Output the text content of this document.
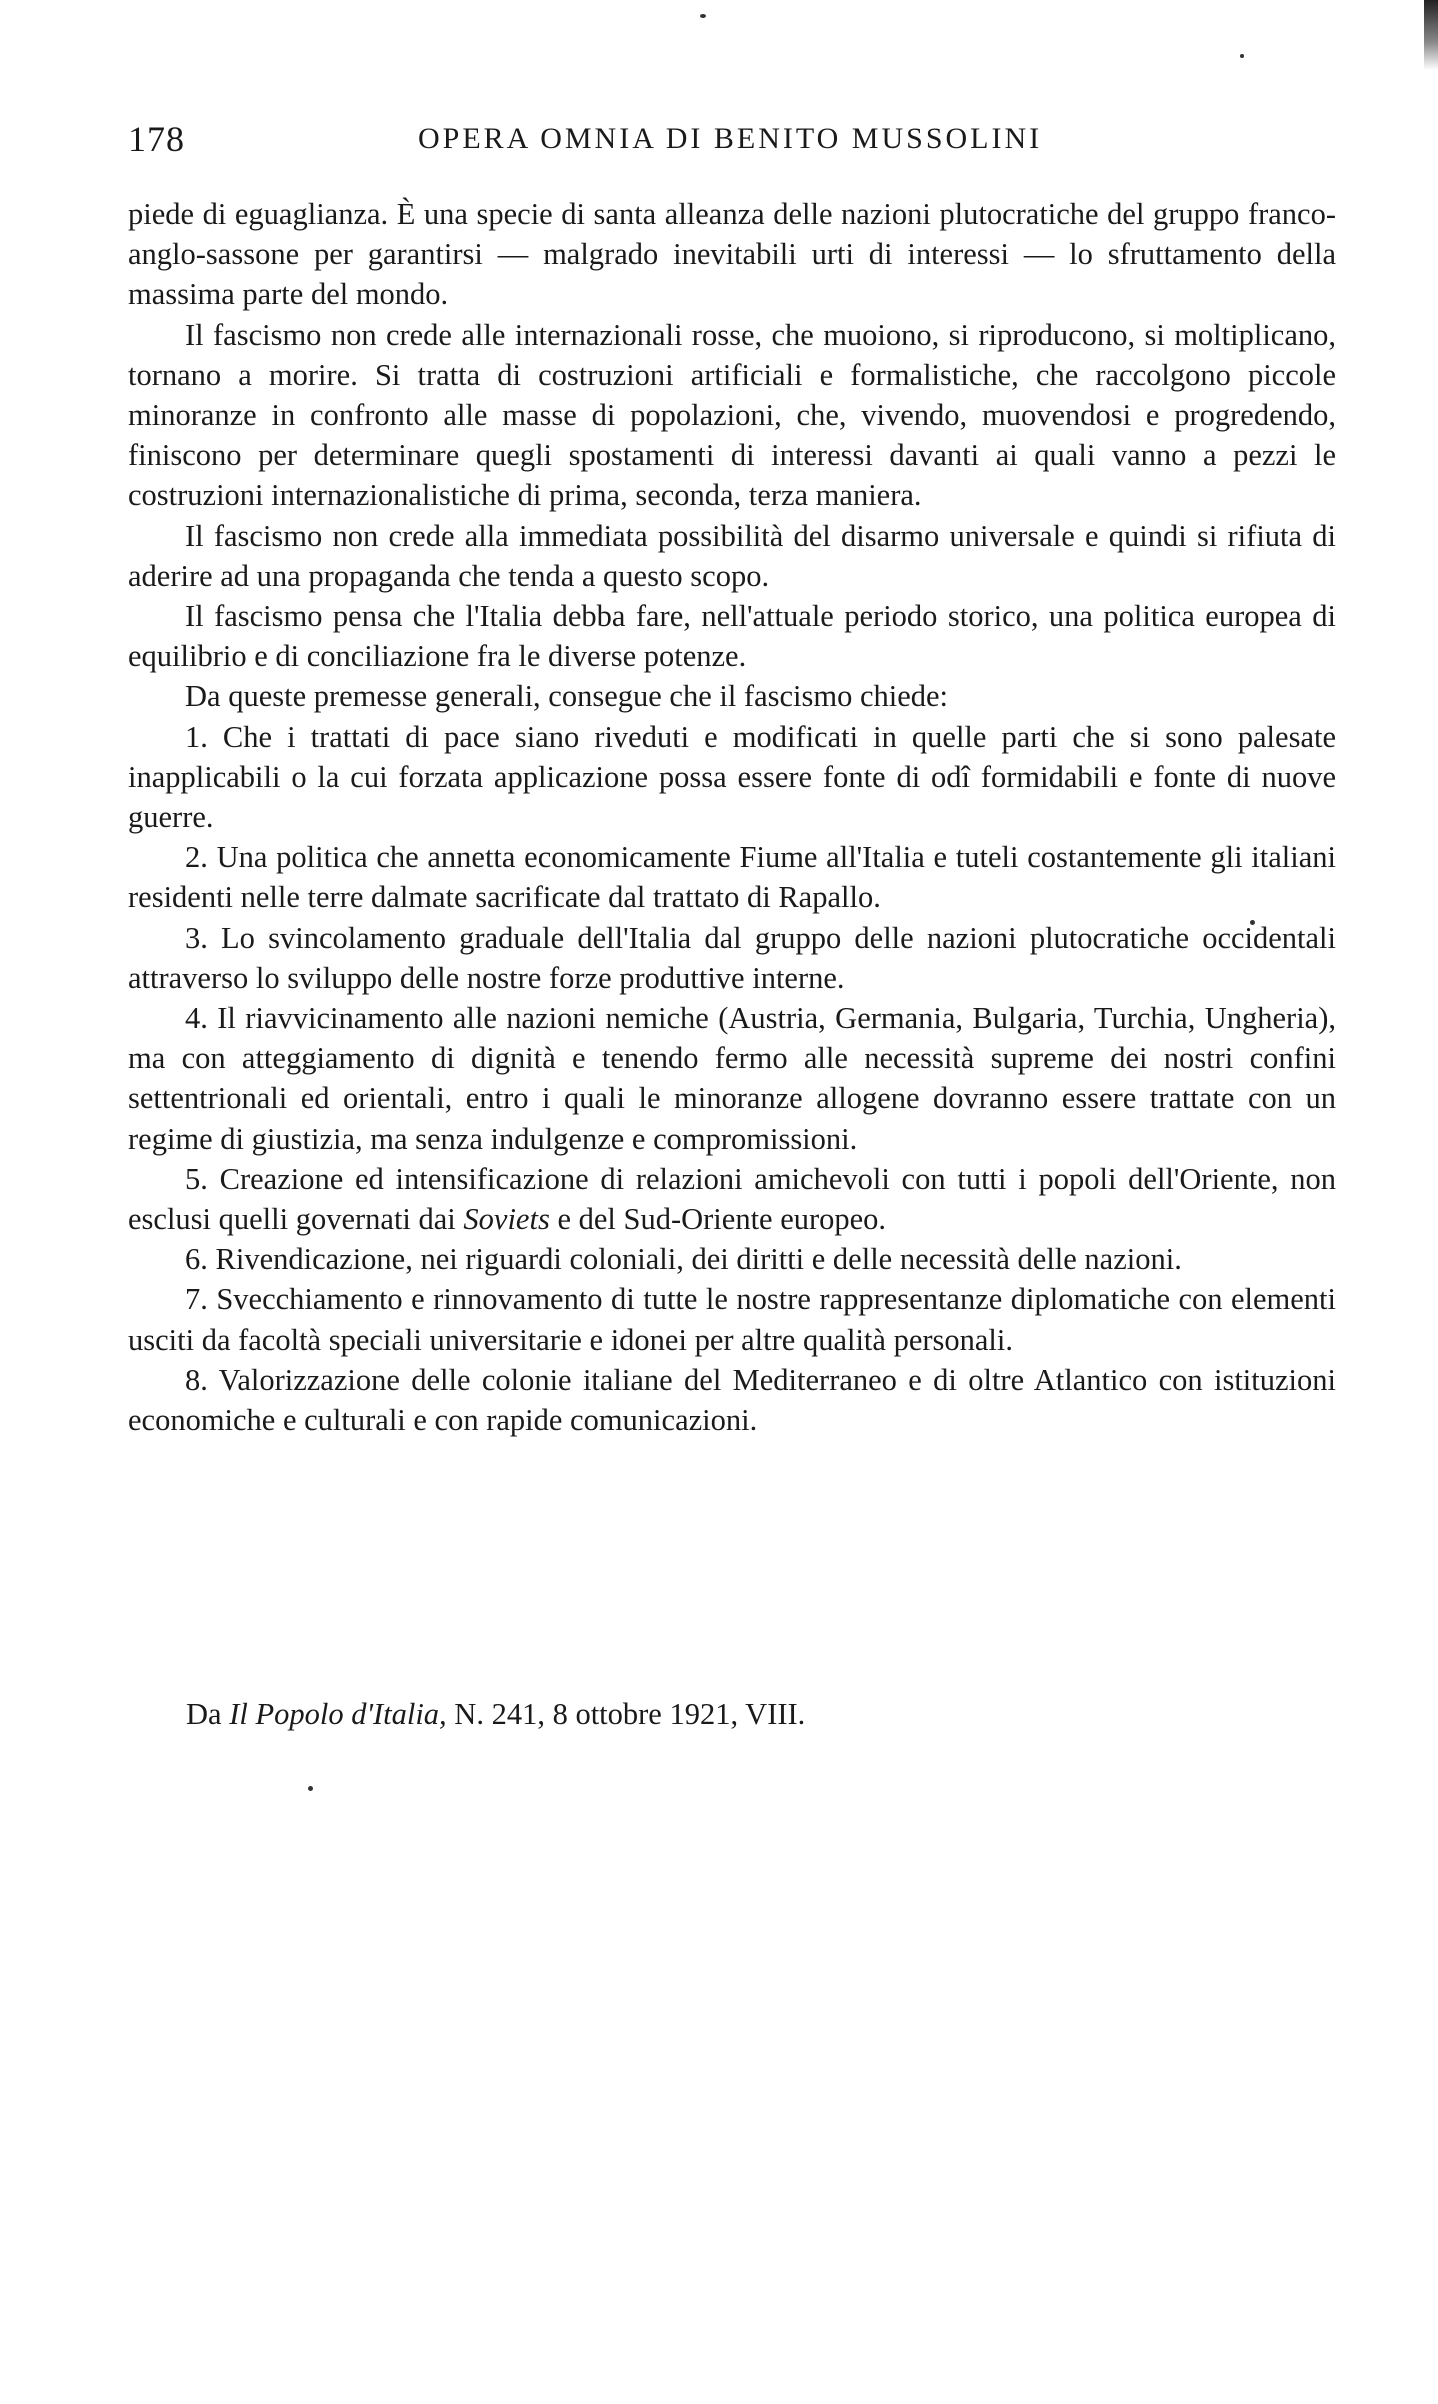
178	OPERA OMNIA DI BENITO MUSSOLINI

piede di eguaglianza. È una specie di santa alleanza delle nazioni plutocratiche del gruppo franco-anglo-sassone per garantirsi — malgrado inevitabili urti di interessi — lo sfruttamento della massima parte del mondo.

Il fascismo non crede alle internazionali rosse, che muoiono, si riproducono, si moltiplicano, tornano a morire. Si tratta di costruzioni artificiali e formalistiche, che raccolgono piccole minoranze in confronto alle masse di popolazioni, che, vivendo, muovendosi e progredendo, finiscono per determinare quegli spostamenti di interessi davanti ai quali vanno a pezzi le costruzioni internazionalistiche di prima, seconda, terza maniera.

Il fascismo non crede alla immediata possibilità del disarmo universale e quindi si rifiuta di aderire ad una propaganda che tenda a questo scopo.

Il fascismo pensa che l'Italia debba fare, nell'attuale periodo storico, una politica europea di equilibrio e di conciliazione fra le diverse potenze.

Da queste premesse generali, consegue che il fascismo chiede:

1. Che i trattati di pace siano riveduti e modificati in quelle parti che si sono palesate inapplicabili o la cui forzata applicazione possa essere fonte di odî formidabili e fonte di nuove guerre.

2. Una politica che annetta economicamente Fiume all'Italia e tuteli costantemente gli italiani residenti nelle terre dalmate sacrificate dal trattato di Rapallo.

3. Lo svincolamento graduale dell'Italia dal gruppo delle nazioni plutocratiche occidentali attraverso lo sviluppo delle nostre forze produttive interne.

4. Il riavvicinamento alle nazioni nemiche (Austria, Germania, Bulgaria, Turchia, Ungheria), ma con atteggiamento di dignità e tenendo fermo alle necessità supreme dei nostri confini settentrionali ed orientali, entro i quali le minoranze allogene dovranno essere trattate con un regime di giustizia, ma senza indulgenze e compromissioni.

5. Creazione ed intensificazione di relazioni amichevoli con tutti i popoli dell'Oriente, non esclusi quelli governati dai Soviets e del Sud-Oriente europeo.

6. Rivendicazione, nei riguardi coloniali, dei diritti e delle necessità delle nazioni.

7. Svecchiamento e rinnovamento di tutte le nostre rappresentanze diplomatiche con elementi usciti da facoltà speciali universitarie e idonei per altre qualità personali.

8. Valorizzazione delle colonie italiane del Mediterraneo e di oltre Atlantico con istituzioni economiche e culturali e con rapide comunicazioni.

Da Il Popolo d'Italia, N. 241, 8 ottobre 1921, VIII.
